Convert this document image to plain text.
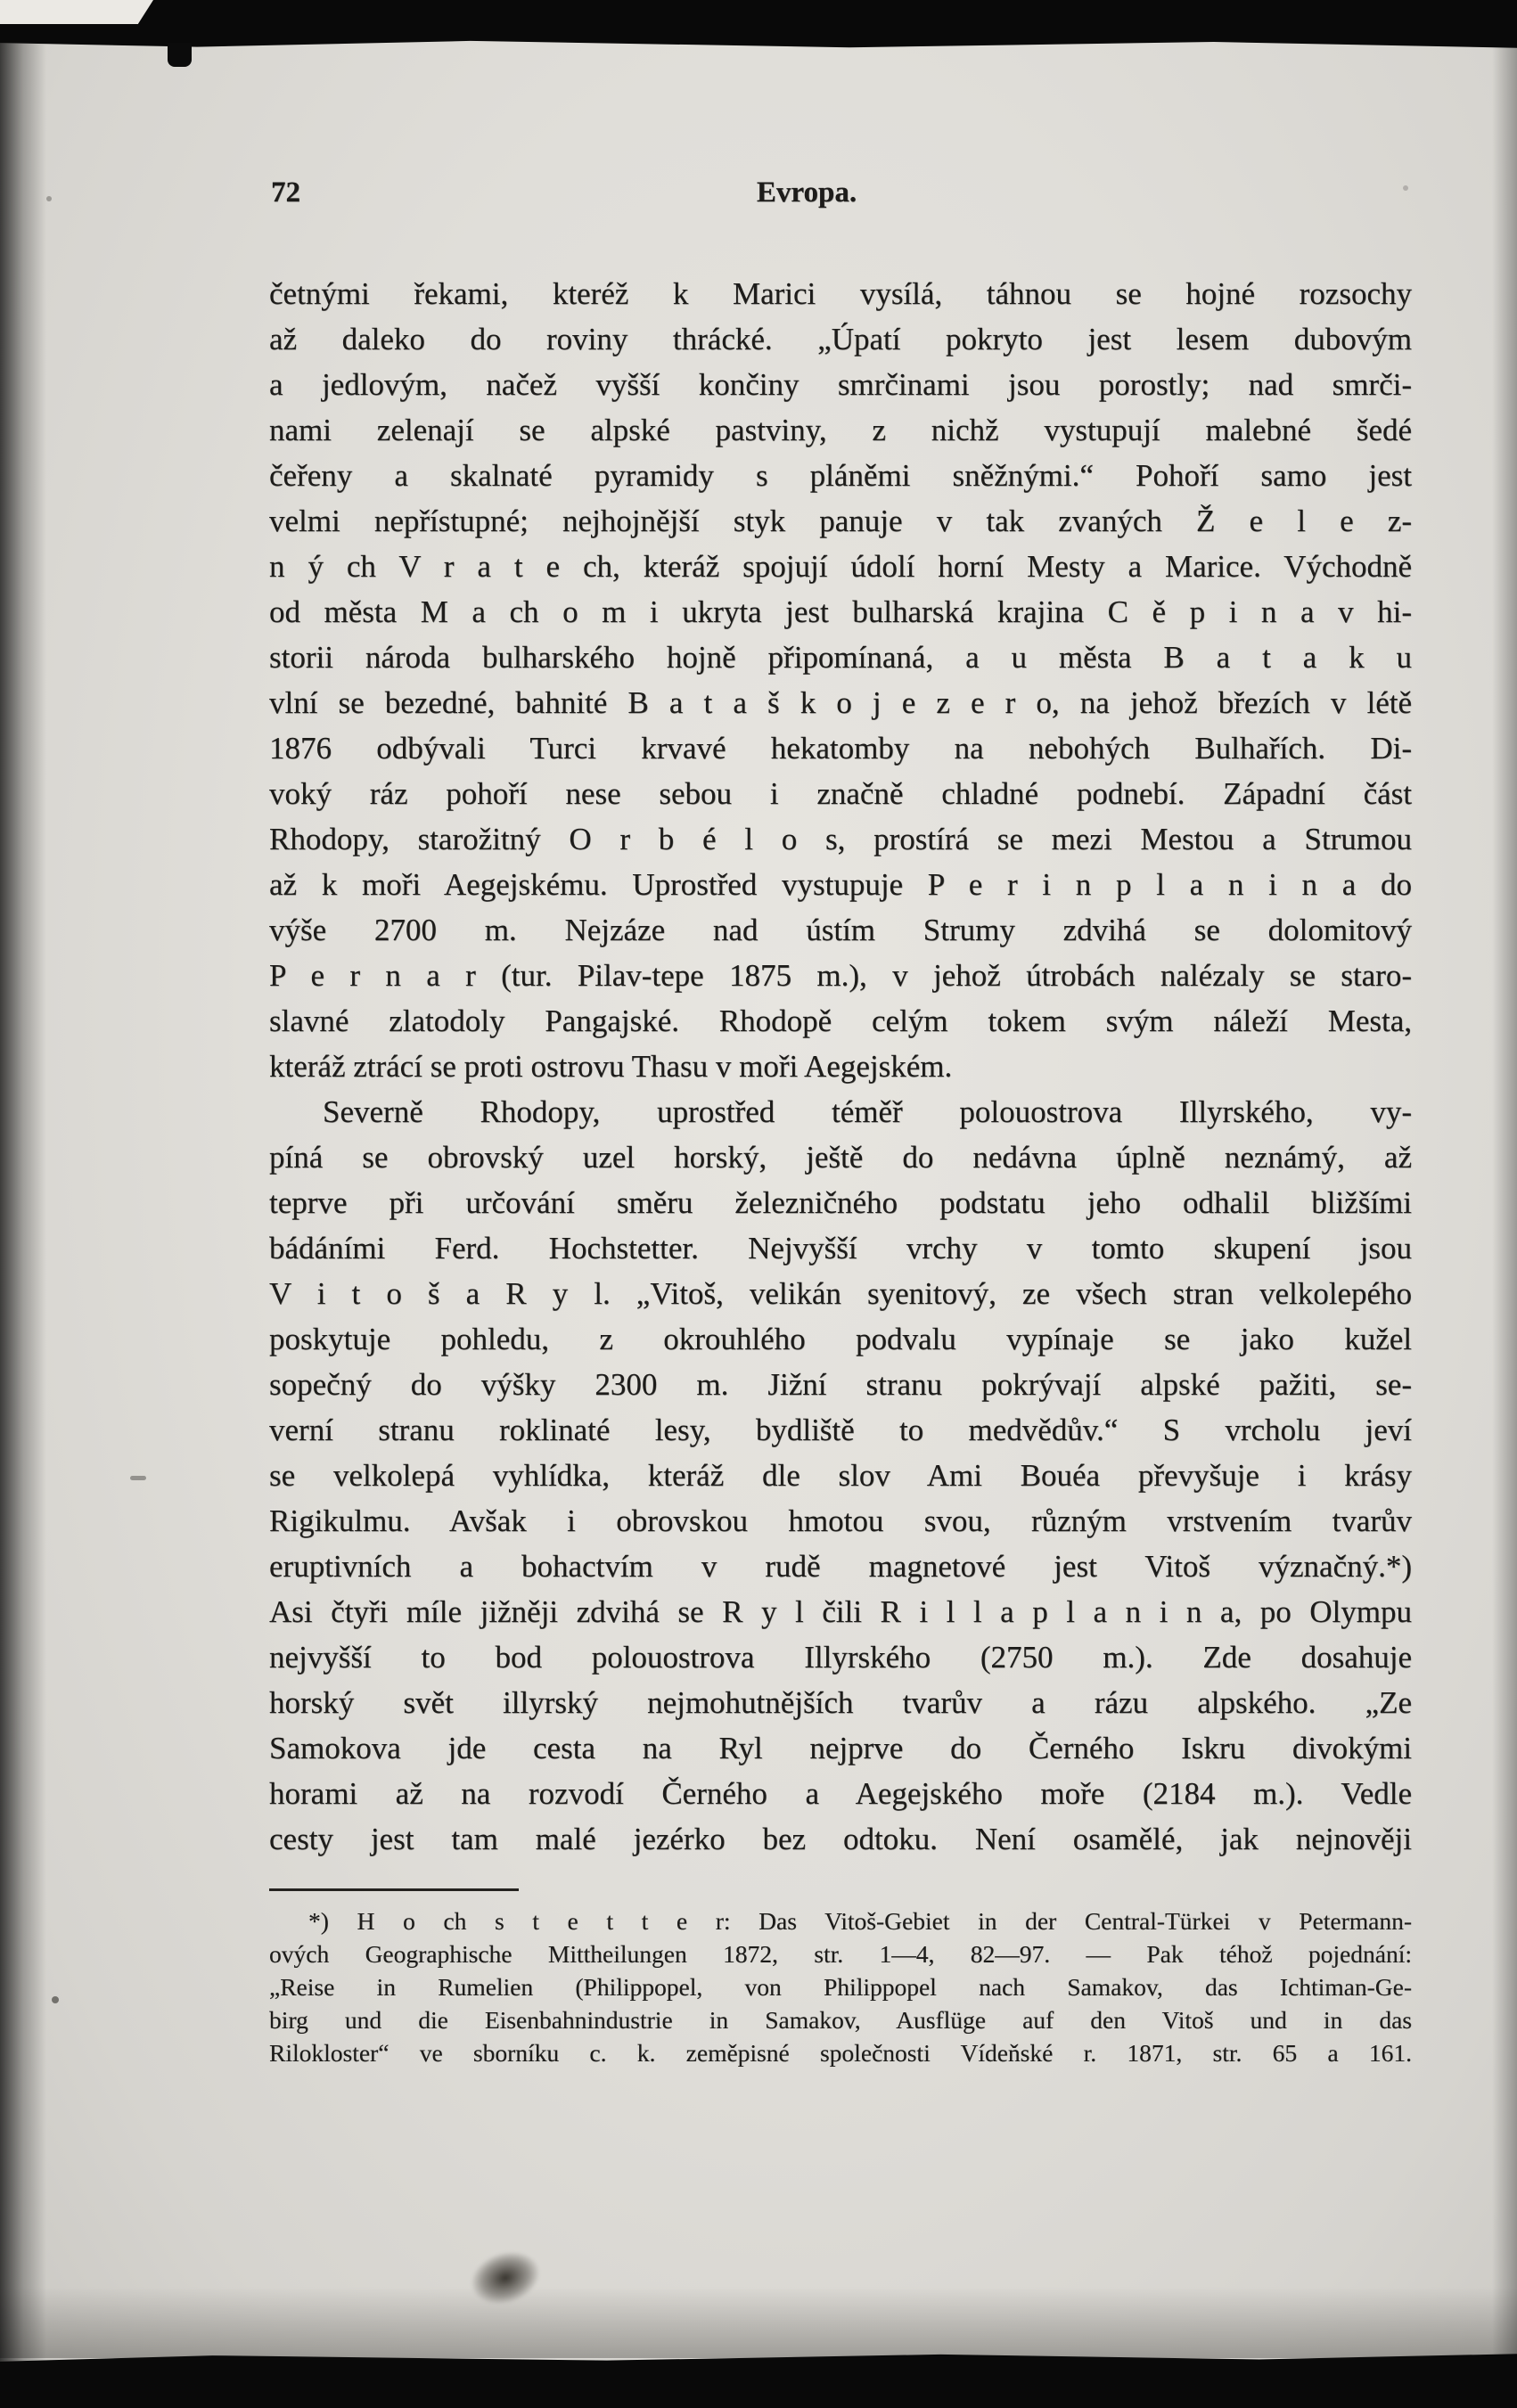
72	Evropa.
četnými řekami, kteréž k Marici vysílá, táhnou se hojné rozsochy
až daleko do roviny thrácké. „Úpatí pokryto jest lesem dubovým
a jedlovým, načež vyšší končiny smrčinami jsou porostly; nad smrči-
nami zelenají se alpské pastviny, z nichž vystupují malebné šedé
čeřeny a skalnaté pyramidy s pláněmi sněžnými.“ Pohoří samo jest
velmi nepřístupné; nejhojnější styk panuje v tak zvaných Ž e l e z-
n ý ch V r a t e ch, kteráž spojují údolí horní Mesty a Marice. Východně
od města M a ch o m i ukryta jest bulharská krajina C ě p i n a v hi-
storii národa bulharského hojně připomínaná, a u města B a t a k u
vlní se bezedné, bahnité B a t a š k o j e z e r o, na jehož březích v létě
1876 odbývali Turci krvavé hekatomby na nebohých Bulhařích. Di-
voký ráz pohoří nese sebou i značně chladné podnebí. Západní část
Rhodopy, starožitný O r b é l o s, prostírá se mezi Mestou a Strumou
až k moři Aegejskému. Uprostřed vystupuje P e r i n p l a n i n a do
výše 2700 m. Nejzáze nad ústím Strumy zdvihá se dolomitový
P e r n a r (tur. Pilav-tepe 1875 m.), v jehož útrobách nalézaly se staro-
slavné zlatodoly Pangajské. Rhodopě celým tokem svým náleží Mesta,
kteráž ztrácí se proti ostrovu Thasu v moři Aegejském.
Severně Rhodopy, uprostřed téměř polouostrova Illyrského, vy-
píná se obrovský uzel horský, ještě do nedávna úplně neznámý, až
teprve při určování směru železničného podstatu jeho odhalil bližšími
bádáními Ferd. Hochstetter. Nejvyšší vrchy v tomto skupení jsou
V i t o š a R y l. „Vitoš, velikán syenitový, ze všech stran velkolepého
poskytuje pohledu, z okrouhlého podvalu vypínaje se jako kužel
sopečný do výšky 2300 m. Jižní stranu pokrývají alpské pažiti, se-
verní stranu roklinaté lesy, bydliště to medvědův.“ S vrcholu jeví
se velkolepá vyhlídka, kteráž dle slov Ami Bouéa převyšuje i krásy
Rigikulmu. Avšak i obrovskou hmotou svou, různým vrstvením tvarův
eruptivních a bohactvím v rudě magnetové jest Vitoš význačný.*)
Asi čtyři míle jižněji zdvihá se R y l čili R i l l a p l a n i n a, po Olympu
nejvyšší to bod polouostrova Illyrského (2750 m.). Zde dosahuje
horský svět illyrský nejmohutnějších tvarův a rázu alpského. „Ze
Samokova jde cesta na Ryl nejprve do Černého Iskru divokými
horami až na rozvodí Černého a Aegejského moře (2184 m.). Vedle
cesty jest tam malé jezérko bez odtoku. Není osamělé, jak nejnověji
*) H o ch s t e t t e r: Das Vitoš-Gebiet in der Central-Türkei v Petermann-
ových Geographische Mittheilungen 1872, str. 1—4, 82—97. — Pak téhož pojednání:
„Reise in Rumelien (Philippopel, von Philippopel nach Samakov, das Ichtiman-Ge-
birg und die Eisenbahnindustrie in Samakov, Ausflüge auf den Vitoš und in das
Rilokloster“ ve sborníku c. k. zeměpisné společnosti Vídeňské r. 1871, str. 65 a 161.
